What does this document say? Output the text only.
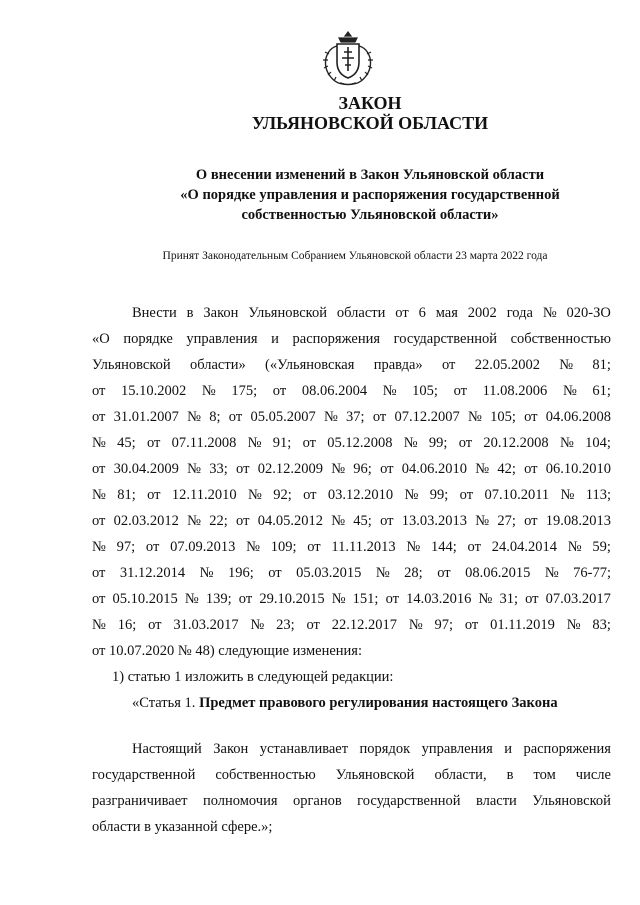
ЗАКОН
УЛЬЯНОВСКОЙ ОБЛАСТИ
О внесении изменений в Закон Ульяновской области
«О порядке управления и распоряжения государственной
собственностью Ульяновской области»
Принят Законодательным Собранием Ульяновской области 23 марта 2022 года
Внести в Закон Ульяновской области от 6 мая 2002 года № 020-ЗО
«О порядке управления и распоряжения государственной собственностью
Ульяновской области» («Ульяновская правда» от 22.05.2002 № 81;
от 15.10.2002 № 175; от 08.06.2004 № 105; от 11.08.2006 № 61;
от 31.01.2007 № 8; от 05.05.2007 № 37; от 07.12.2007 № 105; от 04.06.2008
№ 45; от 07.11.2008 № 91; от 05.12.2008 № 99; от 20.12.2008 № 104;
от 30.04.2009 № 33; от 02.12.2009 № 96; от 04.06.2010 № 42; от 06.10.2010
№ 81; от 12.11.2010 № 92; от 03.12.2010 № 99; от 07.10.2011 № 113;
от 02.03.2012 № 22; от 04.05.2012 № 45; от 13.03.2013 № 27; от 19.08.2013
№ 97; от 07.09.2013 № 109; от 11.11.2013 № 144; от 24.04.2014 № 59;
от 31.12.2014 № 196; от 05.03.2015 № 28; от 08.06.2015 № 76-77;
от 05.10.2015 № 139; от 29.10.2015 № 151; от 14.03.2016 № 31; от 07.03.2017
№ 16; от 31.03.2017 № 23; от 22.12.2017 № 97; от 01.11.2019 № 83;
от 10.07.2020 № 48) следующие изменения:
1) статью 1 изложить в следующей редакции:
«Статья 1. Предмет правового регулирования настоящего Закона
Настоящий Закон устанавливает порядок управления и распоряжения
государственной собственностью Ульяновской области, в том числе
разграничивает полномочия органов государственной власти Ульяновской
области в указанной сфере.»;
